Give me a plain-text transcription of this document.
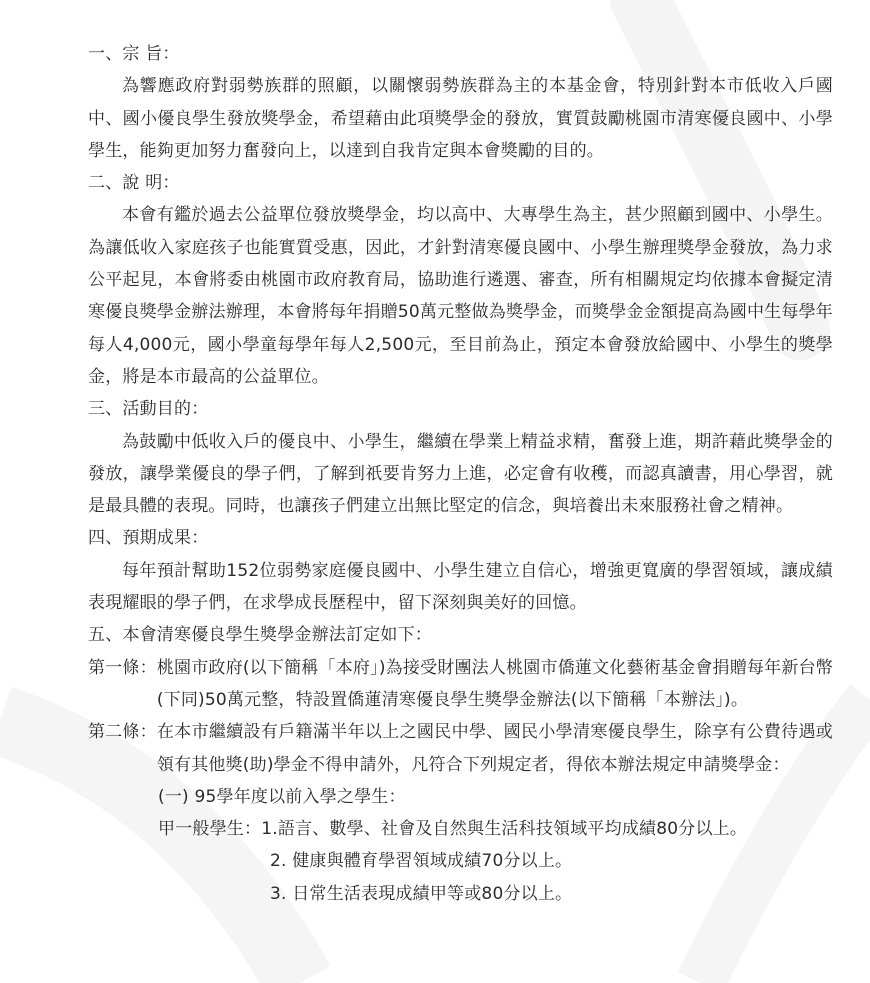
一、宗 旨：

為響應政府對弱勢族群的照顧，以關懷弱勢族群為主的本基金會，特別針對本市低收入戶國中、國小優良學生發放獎學金，希望藉由此項獎學金的發放，實質鼓勵桃園市清寒優良國中、小學學生，能夠更加努力奮發向上，以達到自我肯定與本會獎勵的目的。

二、說 明：

本會有鑑於過去公益單位發放獎學金，均以高中、大專學生為主，甚少照顧到國中、小學生。為讓低收入家庭孩子也能實質受惠，因此，才針對清寒優良國中、小學生辦理獎學金發放，為力求公平起見，本會將委由桃園市政府教育局，協助進行遴選、審查，所有相關規定均依據本會擬定清寒優良獎學金辦法辦理，本會將每年捐贈50萬元整做為獎學金，而獎學金金額提高為國中生每學年每人4,000元，國小學童每學年每人2,500元，至目前為止，預定本會發放給國中、小學生的獎學金，將是本市最高的公益單位。

三、活動目的：

為鼓勵中低收入戶的優良中、小學生，繼續在學業上精益求精，奮發上進，期許藉此獎學金的發放，讓學業優良的學子們，了解到祇要肯努力上進，必定會有收穫，而認真讀書，用心學習，就是最具體的表現。同時，也讓孩子們建立出無比堅定的信念，與培養出未來服務社會之精神。

四、預期成果：

每年預計幫助152位弱勢家庭優良國中、小學生建立自信心，增強更寬廣的學習領域，讓成績表現耀眼的學子們，在求學成長歷程中，留下深刻與美好的回憶。

五、本會清寒優良學生獎學金辦法訂定如下：

第一條： 桃園市政府(以下簡稱「本府」)為接受財團法人桃園市僑蓮文化藝術基金會捐贈每年新台幣(下同)50萬元整，特設置僑蓮清寒優良學生獎學金辦法(以下簡稱「本辦法」)。
第二條： 在本市繼續設有戶籍滿半年以上之國民中學、國民小學清寒優良學生，除享有公費待遇或領有其他獎(助)學金不得申請外，凡符合下列規定者，得依本辦法規定申請獎學金：

(一) 95學年度以前入學之學生：

甲一般學生： 1.語言、數學、社會及自然與生活科技領域平均成績80分以上。

2. 健康與體育學習領域成績70分以上。

3. 日常生活表現成績甲等或80分以上。
